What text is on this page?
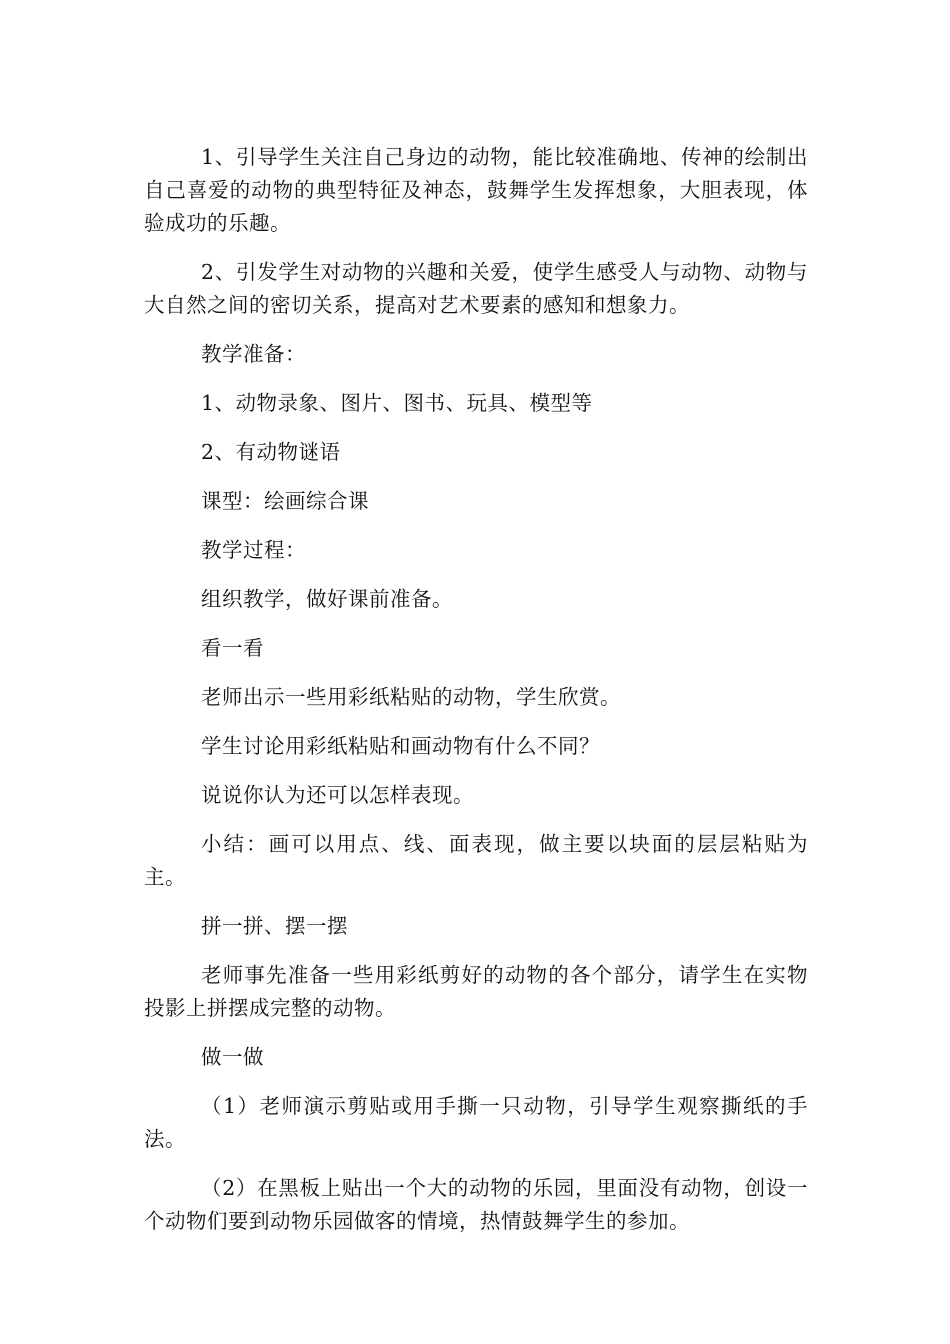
1、引导学生关注自己身边的动物，能比较准确地、传神的绘制出自己喜爱的动物的典型特征及神态，鼓舞学生发挥想象，大胆表现，体验成功的乐趣。

2、引发学生对动物的兴趣和关爱，使学生感受人与动物、动物与大自然之间的密切关系，提高对艺术要素的感知和想象力。

教学准备：

1、动物录象、图片、图书、玩具、模型等

2、有动物谜语

课型：绘画综合课

教学过程：

组织教学，做好课前准备。

看一看

老师出示一些用彩纸粘贴的动物，学生欣赏。

学生讨论用彩纸粘贴和画动物有什么不同？

说说你认为还可以怎样表现。

小结：画可以用点、线、面表现，做主要以块面的层层粘贴为主。

拼一拼、摆一摆

老师事先准备一些用彩纸剪好的动物的各个部分，请学生在实物投影上拼摆成完整的动物。

做一做

（1）老师演示剪贴或用手撕一只动物，引导学生观察撕纸的手法。

（2）在黑板上贴出一个大的动物的乐园，里面没有动物，创设一个动物们要到动物乐园做客的情境，热情鼓舞学生的参加。
